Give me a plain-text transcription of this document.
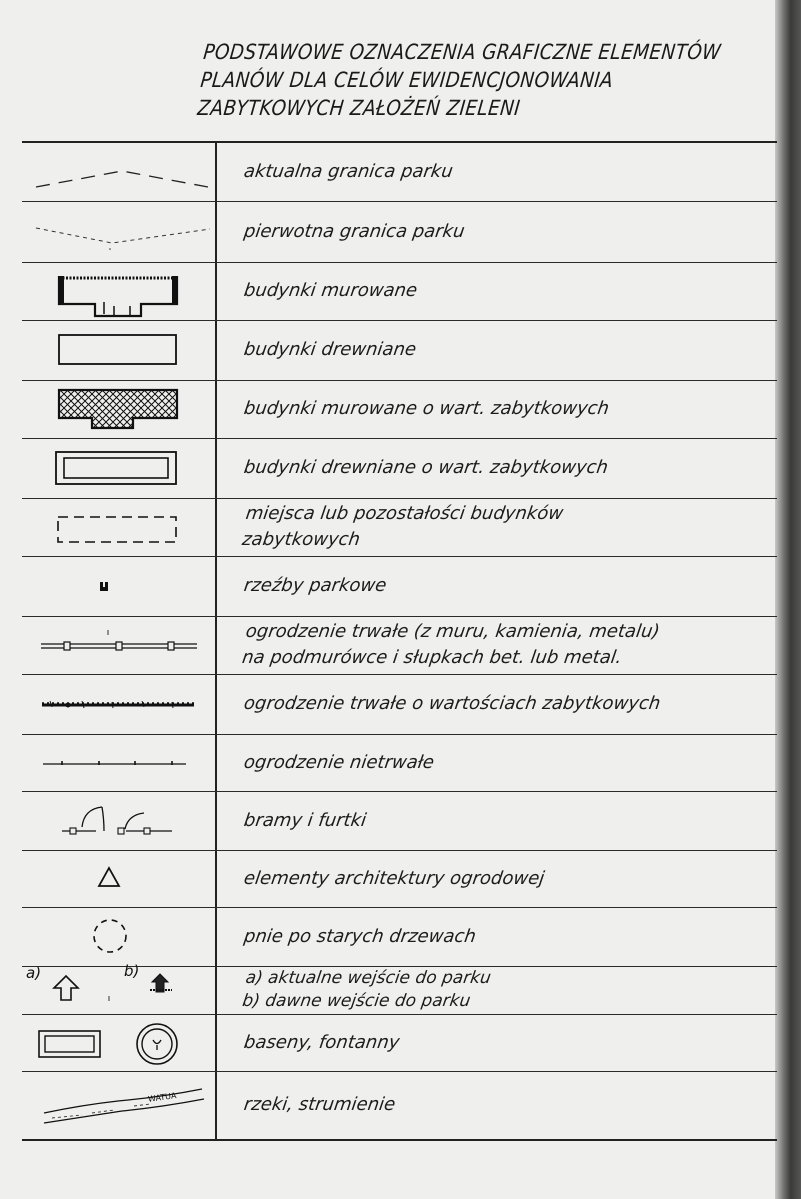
PODSTAWOWE OZNACZENIA GRAFICZNE ELEMENTÓW
PLANÓW DLA CELÓW EWIDENCJONOWANIA
ZABYTKOWYCH ZAŁOŻEŃ ZIELENI
aktualna granica parku
pierwotna granica parku
budynki murowane
budynki drewniane
budynki murowane o wart. zabytkowych
budynki drewniane o wart. zabytkowych
miejsca lub pozostałości budynków
zabytkowych
rzeźby parkowe
ogrodzenie trwałe (z muru, kamienia, metalu)
na podmurówce i słupkach bet. lub metal.
ogrodzenie trwałe o wartościach zabytkowych
ogrodzenie nietrwałe
bramy i furtki
elementy architektury ogrodowej
pnie po starych drzewach
a)	b)	a) aktualne wejście do parku
b) dawne wejście do parku
baseny, fontanny
WATUA	rzeki, strumienie
